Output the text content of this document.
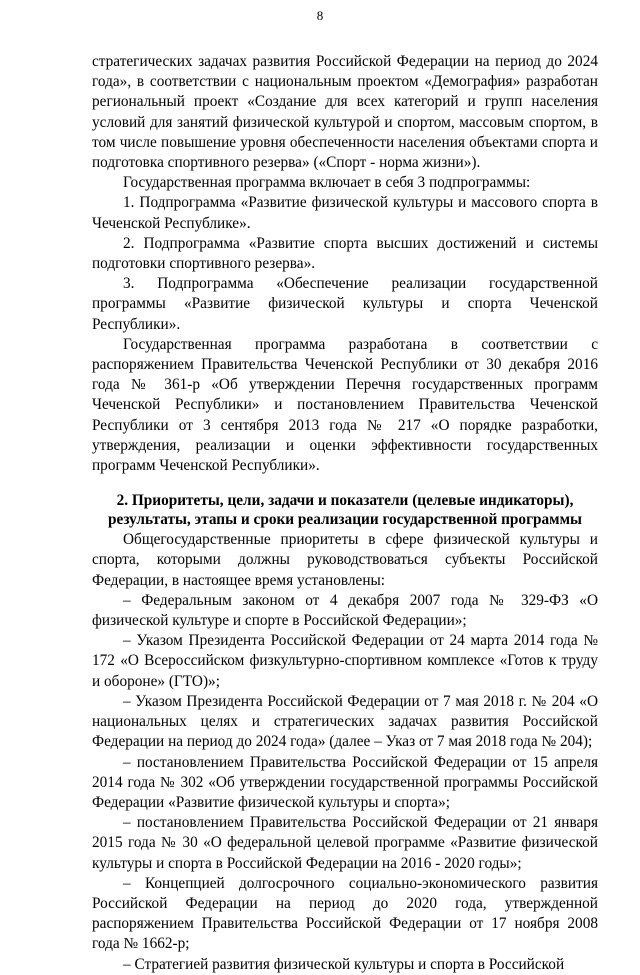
8

стратегических задачах развития Российской Федерации на период до 2024 года», в соответствии с национальным проектом «Демография» разработан региональный проект «Создание для всех категорий и групп населения условий для занятий физической культурой и спортом, массовым спортом, в том числе повышение уровня обеспеченности населения объектами спорта и подготовка спортивного резерва» («Спорт - норма жизни»).

Государственная программа включает в себя 3 подпрограммы:

1. Подпрограмма «Развитие физической культуры и массового спорта в Чеченской Республике».

2. Подпрограмма «Развитие спорта высших достижений и системы подготовки спортивного резерва».

3. Подпрограмма «Обеспечение реализации государственной программы «Развитие физической культуры и спорта Чеченской Республики».

Государственная программа разработана в соответствии с распоряжением Правительства Чеченской Республики от 30 декабря 2016 года № 361-р «Об утверждении Перечня государственных программ Чеченской Республики» и постановлением Правительства Чеченской Республики от 3 сентября 2013 года № 217 «О порядке разработки, утверждения, реализации и оценки эффективности государственных программ Чеченской Республики».

2. Приоритеты, цели, задачи и показатели (целевые индикаторы), результаты, этапы и сроки реализации государственной программы

Общегосударственные приоритеты в сфере физической культуры и спорта, которыми должны руководствоваться субъекты Российской Федерации, в настоящее время установлены:

– Федеральным законом от 4 декабря 2007 года № 329-ФЗ «О физической культуре и спорте в Российской Федерации»;

– Указом Президента Российской Федерации от 24 марта 2014 года № 172 «О Всероссийском физкультурно-спортивном комплексе «Готов к труду и обороне» (ГТО)»;

– Указом Президента Российской Федерации от 7 мая 2018 г. № 204 «О национальных целях и стратегических задачах развития Российской Федерации на период до 2024 года» (далее – Указ от 7 мая 2018 года № 204);

– постановлением Правительства Российской Федерации от 15 апреля 2014 года № 302 «Об утверждении государственной программы Российской Федерации «Развитие физической культуры и спорта»;

– постановлением Правительства Российской Федерации от 21 января 2015 года № 30 «О федеральной целевой программе «Развитие физической культуры и спорта в Российской Федерации на 2016 - 2020 годы»;

– Концепцией долгосрочного социально-экономического развития Российской Федерации на период до 2020 года, утвержденной распоряжением Правительства Российской Федерации от 17 ноября 2008 года № 1662-р;

– Стратегией развития физической культуры и спорта в Российской
